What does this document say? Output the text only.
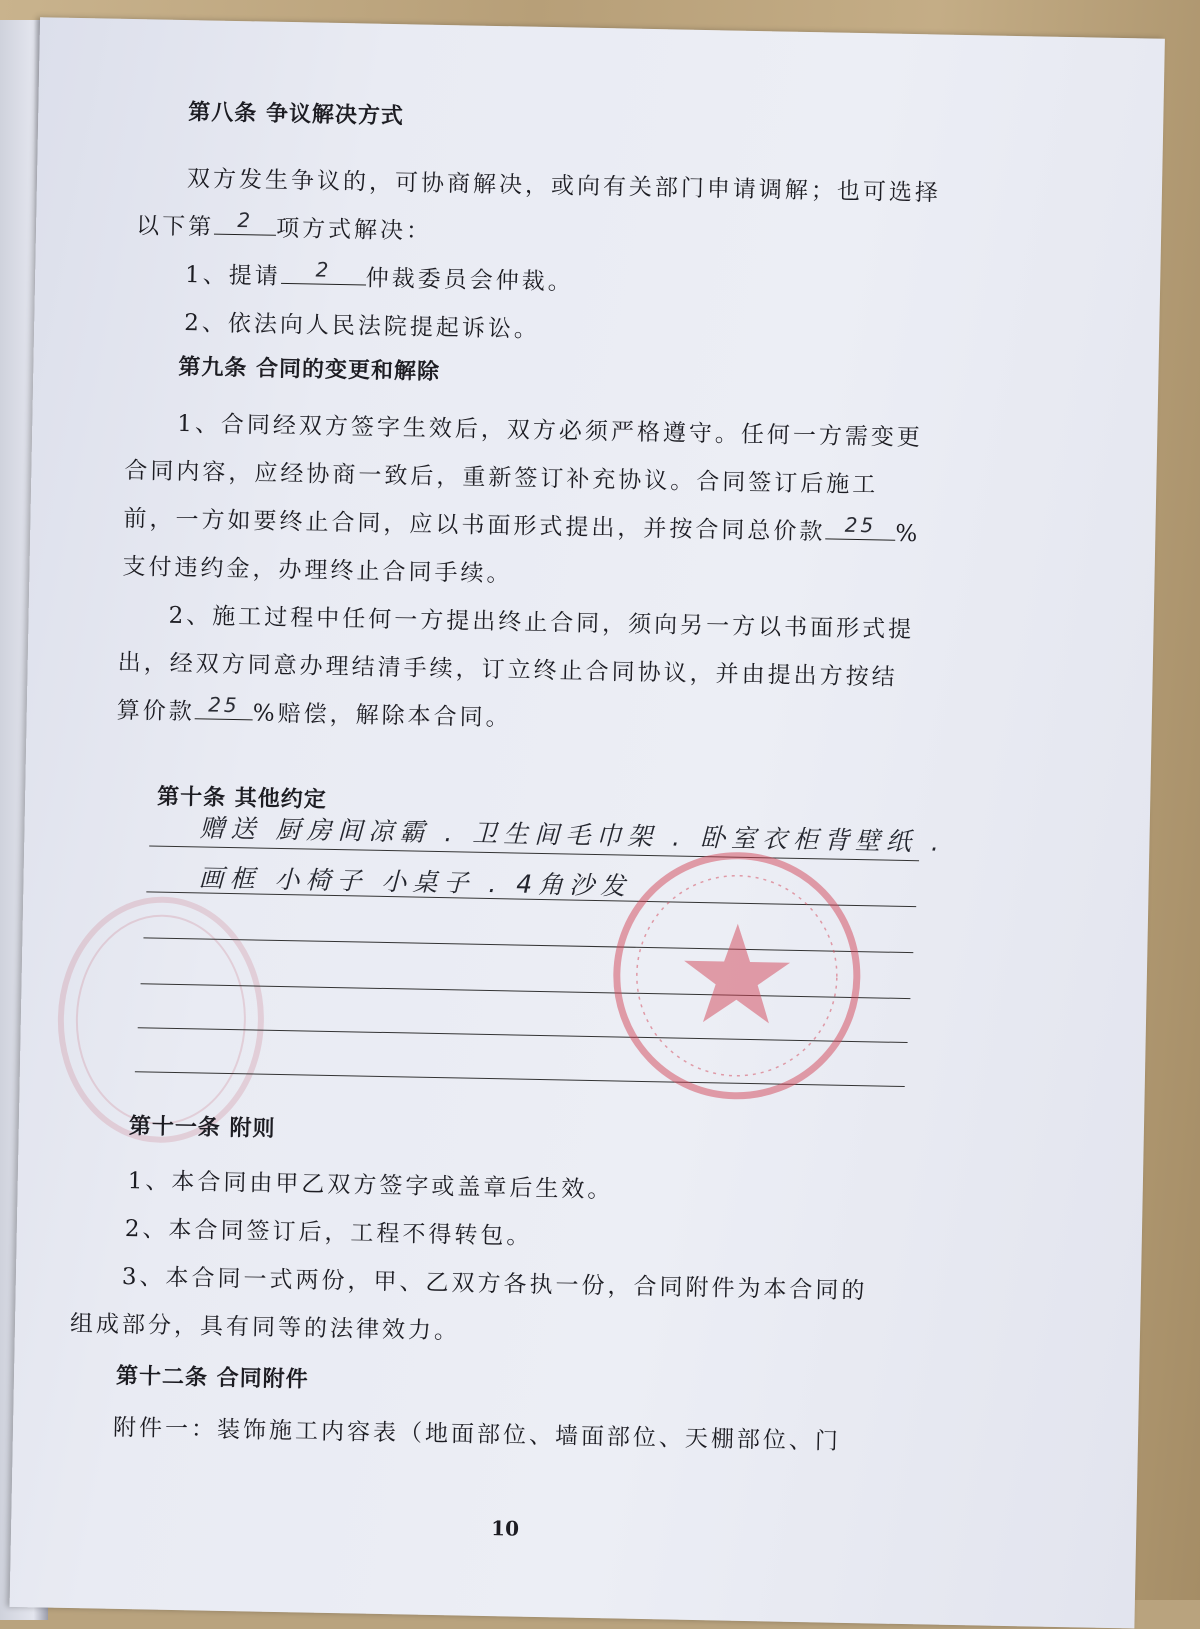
第八条 争议解决方式
双方发生争议的，可协商解决，或向有关部门申请调解；也可选择
以下第	2 项方式解决：
1、提请	2	仲裁委员会仲裁。
2、依法向人民法院提起诉讼。
第九条 合同的变更和解除
1、合同经双方签字生效后，双方必须严格遵守。任何一方需变更
合同内容，应经协商一致后，重新签订补充协议。合同签订后施工
前，一方如要终止合同，应以书面形式提出，并按合同总价款 25 %
支付违约金，办理终止合同手续。
2、施工过程中任何一方提出终止合同，须向另一方以书面形式提
出，经双方同意办理结清手续，订立终止合同协议，并由提出方按结
算价款 25 %赔偿，解除本合同。
第十条 其他约定
赠送 厨房间凉霸 . 卫生间毛巾架 . 卧室衣柜背壁纸 .
画框 小椅子 小桌子 . 4角沙发
第十一条 附则
1、本合同由甲乙双方签字或盖章后生效。
2、本合同签订后，工程不得转包。
3、本合同一式两份，甲、乙双方各执一份，合同附件为本合同的
组成部分，具有同等的法律效力。
第十二条 合同附件
附件一：装饰施工内容表（地面部位、墙面部位、天棚部位、门
10
